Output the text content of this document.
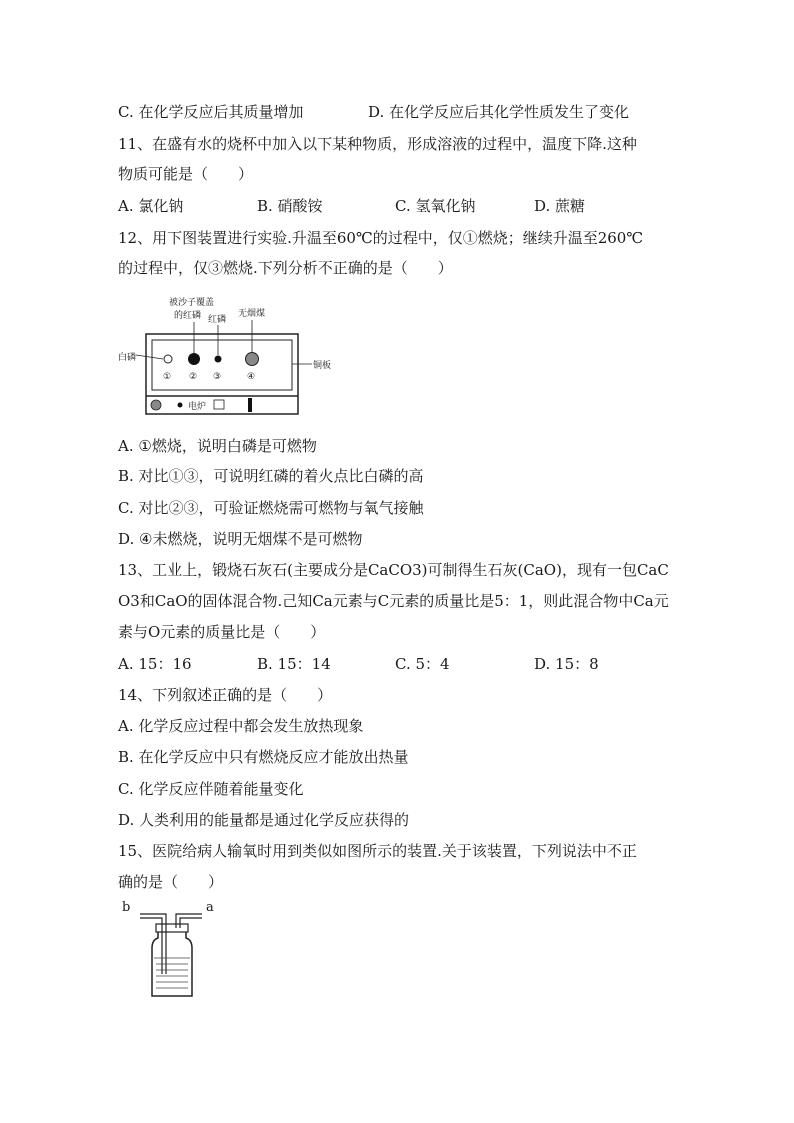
C. 在化学反应后其质量增加	D. 在化学反应后其化学性质发生了变化
11、在盛有水的烧杯中加入以下某种物质，形成溶液的过程中，温度下降.这种
物质可能是（　　）
A. 氯化钠	B. 硝酸铵	C. 氢氧化钠	D. 蔗糖
12、用下图装置进行实验.升温至60℃的过程中，仅①燃烧；继续升温至260℃
的过程中，仅③燃烧.下列分析不正确的是（　　）
被沙子覆盖
的红磷 红磷
无烟煤
白磷
铜板
① ② ③	④
电炉
A. ①燃烧，说明白磷是可燃物
B. 对比①③，可说明红磷的着火点比白磷的高
C. 对比②③，可验证燃烧需可燃物与氧气接触
D. ④未燃烧，说明无烟煤不是可燃物
13、工业上，锻烧石灰石(主要成分是CaCO3)可制得生石灰(CaO)，现有一包CaC
O3和CaO的固体混合物.己知Ca元素与C元素的质量比是5：1，则此混合物中Ca元
素与O元素的质量比是（　　）
A. 15：16	B. 15：14	C. 5：4	D. 15：8
14、下列叙述正确的是（　　）
A. 化学反应过程中都会发生放热现象
B. 在化学反应中只有燃烧反应才能放出热量
C. 化学反应伴随着能量变化
D. 人类利用的能量都是通过化学反应获得的
15、医院给病人输氧时用到类似如图所示的装置.关于该装置，下列说法中不正
确的是（　　）
b	a
